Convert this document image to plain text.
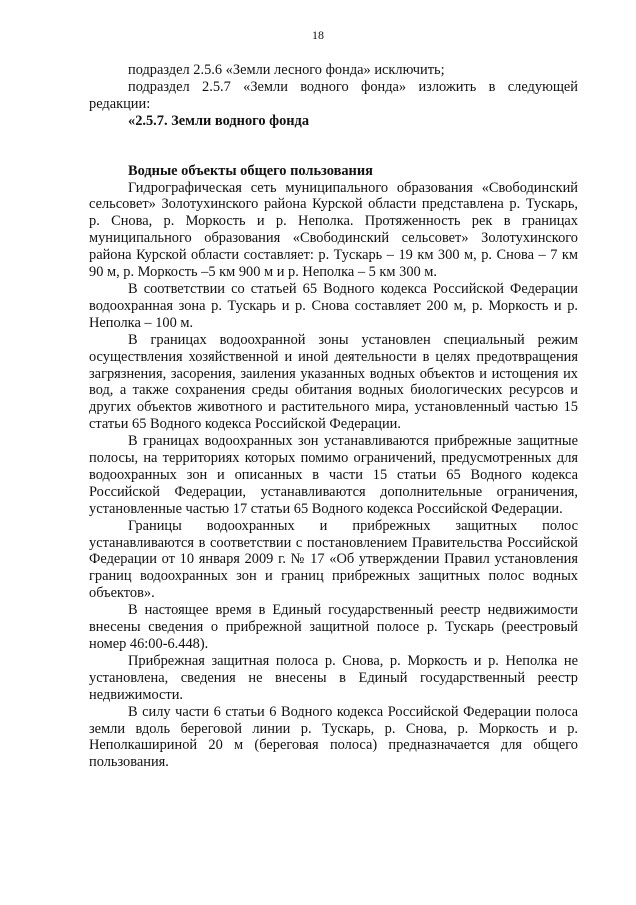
18

подраздел 2.5.6 «Земли лесного фонда» исключить;

подраздел 2.5.7 «Земли водного фонда» изложить в следующей редакции:

«2.5.7. Земли водного фонда

Водные объекты общего пользования

Гидрографическая сеть муниципального образования «Свободинский сельсовет» Золотухинского района Курской области представлена р. Тускарь, р. Снова, р. Моркость и р. Неполка. Протяженность рек в границах муниципального образования «Свободинский сельсовет» Золотухинского района Курской области составляет: р. Тускарь – 19 км 300 м, р. Снова – 7 км 90 м, р. Моркость –5 км 900 м и р. Неполка – 5 км 300 м.

В соответствии со статьей 65 Водного кодекса Российской Федерации водоохранная зона р. Тускарь и р. Снова составляет 200 м, р. Моркость и р. Неполка – 100 м.

В границах водоохранной зоны установлен специальный режим осуществления хозяйственной и иной деятельности в целях предотвращения загрязнения, засорения, заиления указанных водных объектов и истощения их вод, а также сохранения среды обитания водных биологических ресурсов и других объектов животного и растительного мира, установленный частью 15 статьи 65 Водного кодекса Российской Федерации.

В границах водоохранных зон устанавливаются прибрежные защитные полосы, на территориях которых помимо ограничений, предусмотренных для водоохранных зон и описанных в части 15 статьи 65 Водного кодекса Российской Федерации, устанавливаются дополнительные ограничения, установленные частью 17 статьи 65 Водного кодекса Российской Федерации.

Границы водоохранных и прибрежных защитных полос устанавливаются в соответствии с постановлением Правительства Российской Федерации от 10 января 2009 г. № 17 «Об утверждении Правил установления границ водоохранных зон и границ прибрежных защитных полос водных объектов».

В настоящее время в Единый государственный реестр недвижимости внесены сведения о прибрежной защитной полосе р. Тускарь (реестровый номер 46:00-6.448).

Прибрежная защитная полоса р. Снова, р. Моркость и р. Неполка не установлена, сведения не внесены в Единый государственный реестр недвижимости.

В силу части 6 статьи 6 Водного кодекса Российской Федерации полоса земли вдоль береговой линии р. Тускарь, р. Снова, р. Моркость и р. Неполкашириной 20 м (береговая полоса) предназначается для общего пользования.
